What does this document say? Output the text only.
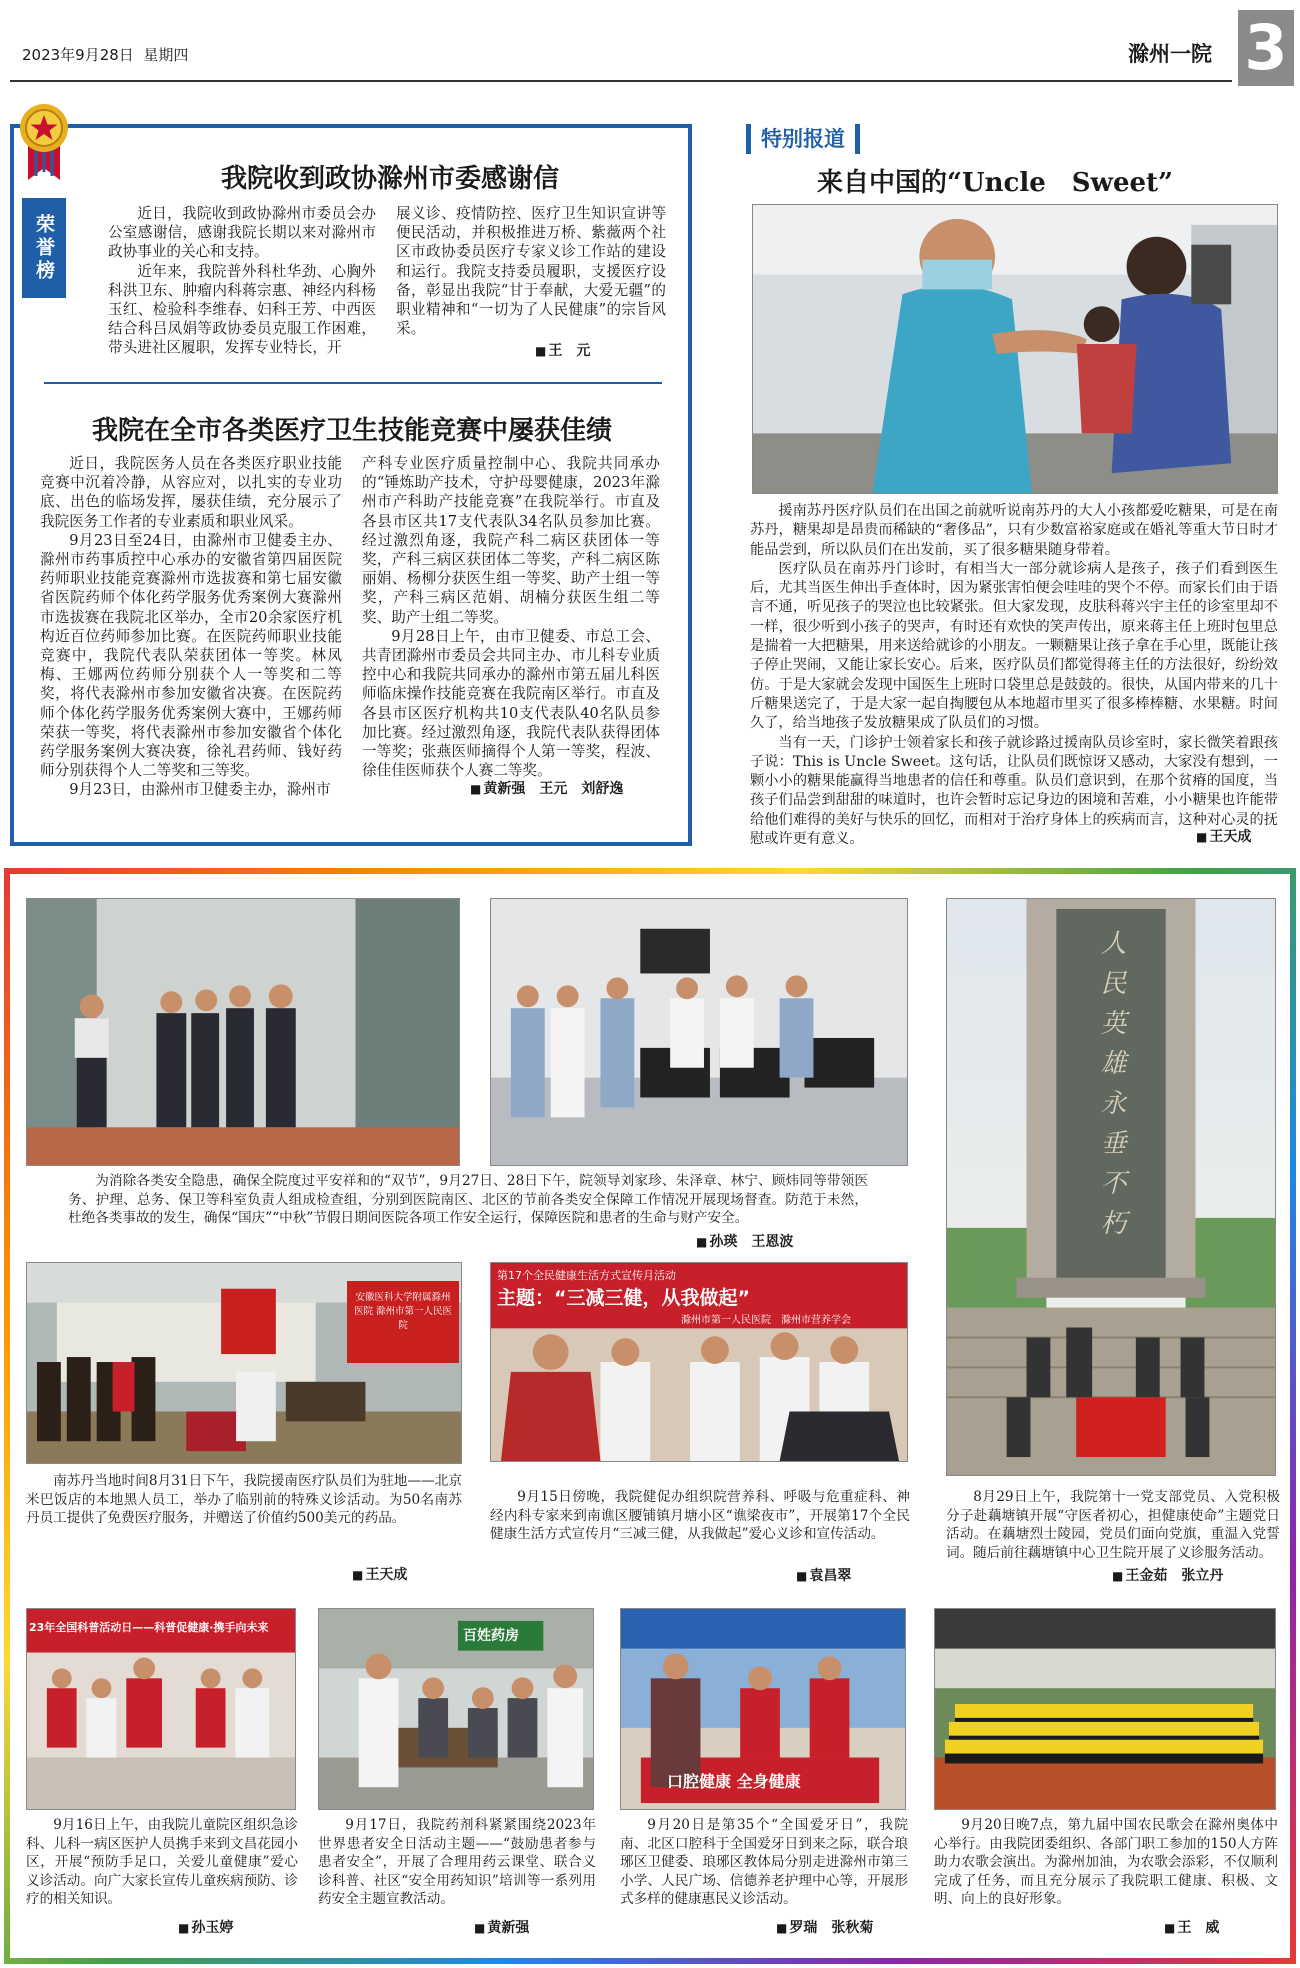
2023年9月28日 星期四	滁州一院 3
荣誉榜
我院收到政协滁州市委感谢信

近日，我院收到政协滁州市委员会办公室感谢信，感谢我院长期以来对滁州市政协事业的关心和支持。

近年来，我院普外科杜华劲、心胸外科洪卫东、肿瘤内科蒋宗惠、神经内科杨玉红、检验科李维春、妇科王芳、中西医结合科吕凤娟等政协委员克服工作困难，带头进社区履职，发挥专业特长，开

展义诊、疫情防控、医疗卫生知识宣讲等便民活动，并积极推进万桥、紫薇两个社区市政协委员医疗专家义诊工作站的建设和运行。我院支持委员履职，支援医疗设备，彰显出我院“甘于奉献，大爱无疆”的职业精神和“一切为了人民健康”的宗旨风采。

■ 王　元
我院在全市各类医疗卫生技能竞赛中屡获佳绩

近日，我院医务人员在各类医疗职业技能竞赛中沉着冷静，从容应对，以扎实的专业功底、出色的临场发挥，屡获佳绩，充分展示了我院医务工作者的专业素质和职业风采。

9月23日至24日，由滁州市卫健委主办、滁州市药事质控中心承办的安徽省第四届医院药师职业技能竞赛滁州市选拔赛和第七届安徽省医院药师个体化药学服务优秀案例大赛滁州市选拔赛在我院北区举办，全市20余家医疗机构近百位药师参加比赛。在医院药师职业技能竞赛中，我院代表队荣获团体一等奖。林凤梅、王娜两位药师分别获个人一等奖和二等奖，将代表滁州市参加安徽省决赛。在医院药师个体化药学服务优秀案例大赛中，王娜药师荣获一等奖，将代表滁州市参加安徽省个体化药学服务案例大赛决赛，徐礼君药师、钱好药师分别获得个人二等奖和三等奖。

9月23日，由滁州市卫健委主办，滁州市

产科专业医疗质量控制中心、我院共同承办的“锤炼助产技术，守护母婴健康，2023年滁州市产科助产技能竞赛”在我院举行。市直及各县市区共17支代表队34名队员参加比赛。经过激烈角逐，我院产科二病区获团体一等奖，产科三病区获团体二等奖，产科二病区陈丽娟、杨柳分获医生组一等奖、助产士组一等奖，产科三病区范娟、胡楠分获医生组二等奖、助产士组二等奖。

9月28日上午，由市卫健委、市总工会、共青团滁州市委员会共同主办、市儿科专业质控中心和我院共同承办的滁州市第五届儿科医师临床操作技能竞赛在我院南区举行。市直及各县市区医疗机构共10支代表队40名队员参加比赛。经过激烈角逐，我院代表队获得团体一等奖；张燕医师摘得个人第一等奖，程波、徐佳佳医师获个人赛二等奖。

■ 黄新强　王元　刘舒逸
特别报道
来自中国的“Uncle　Sweet”

援南苏丹医疗队员们在出国之前就听说南苏丹的大人小孩都爱吃糖果，可是在南苏丹，糖果却是昂贵而稀缺的“奢侈品”，只有少数富裕家庭或在婚礼等重大节日时才能品尝到，所以队员们在出发前，买了很多糖果随身带着。

医疗队员在南苏丹门诊时，有相当大一部分就诊病人是孩子，孩子们看到医生后，尤其当医生伸出手查体时，因为紧张害怕便会哇哇的哭个不停。而家长们由于语言不通，听见孩子的哭泣也比较紧张。但大家发现，皮肤科蒋兴宇主任的诊室里却不一样，很少听到小孩子的哭声，有时还有欢快的笑声传出，原来蒋主任上班时包里总是揣着一大把糖果，用来送给就诊的小朋友。一颗糖果让孩子拿在手心里，既能让孩子停止哭闹，又能让家长安心。后来，医疗队员们都觉得蒋主任的方法很好，纷纷效仿。于是大家就会发现中国医生上班时口袋里总是鼓鼓的。很快，从国内带来的几十斤糖果送完了，于是大家一起自掏腰包从本地超市里买了很多棒棒糖、水果糖。时间久了，给当地孩子发放糖果成了队员们的习惯。

当有一天，门诊护士领着家长和孩子就诊路过援南队员诊室时，家长微笑着跟孩子说：This is Uncle Sweet。这句话，让队员们既惊讶又感动，大家没有想到，一颗小小的糖果能赢得当地患者的信任和尊重。队员们意识到，在那个贫瘠的国度，当孩子们品尝到甜甜的味道时，也许会暂时忘记身边的困境和苦难，小小糖果也许能带给他们难得的美好与快乐的回忆，而相对于治疗身体上的疾病而言，这种对心灵的抚慰或许更有意义。

■	王天成
为消除各类安全隐患，确保全院度过平安祥和的“双节”，9月27日、28日下午，院领导刘家珍、朱泽章、林宁、顾炜同等带领医务、护理、总务、保卫等科室负责人组成检查组，分别到医院南区、北区的节前各类安全保障工作情况开展现场督查。防范于未然，杜绝各类事故的发生，确保“国庆”“中秋”节假日期间医院各项工作安全运行，保障医院和患者的生命与财产安全。
■ 孙瑛　王恩波	人民英雄永垂不朽
8月29日上午，我院第十一党支部党员、入党积极分子赴藕塘镇开展“守医者初心，担健康使命”主题党日活动。在藕塘烈士陵园，党员们面向党旗，重温入党誓词。随后前往藕塘镇中心卫生院开展了义诊服务活动。
■ 王金茹　张立丹
安徽医科大学附属滁州医院 滁州市第一人民医院
南苏丹当地时间8月31日下午，我院援南医疗队员们为驻地——北京米巴饭店的本地黑人员工，举办了临别前的特殊义诊活动。为50名南苏丹员工提供了免费医疗服务，并赠送了价值约500美元的药品。
■ 王天成
第17个全民健康生活方式宣传月活动
主题：“三减三健，从我做起”
滁州市第一人民医院　滁州市营养学会
9月15日傍晚，我院健促办组织院营养科、呼吸与危重症科、神经内科专家来到南谯区腰铺镇月塘小区“谯梁夜市”，开展第17个全民健康生活方式宣传月“三减三健，从我做起”爱心义诊和宣传活动。
■ 袁昌翠
23年全国科普活动日——科普促健康·携手向未来
百姓药房
口腔健康 全身健康
9月16日上午，由我院儿童院区组织急诊科、儿科一病区医护人员携手来到文昌花园小区，开展“预防手足口，关爱儿童健康”爱心义诊活动。向广大家长宣传儿童疾病预防、诊疗的相关知识。
■ 孙玉婷
9月17日，我院药剂科紧紧围绕2023年世界患者安全日活动主题——“鼓励患者参与患者安全”，开展了合理用药云课堂、联合义诊科普、社区“安全用药知识”培训等一系列用药安全主题宣教活动。
■ 黄新强
9月20日是第35个“全国爱牙日”，我院南、北区口腔科于全国爱牙日到来之际，联合琅琊区卫健委、琅琊区教体局分别走进滁州市第三小学、人民广场、信德养老护理中心等，开展形式多样的健康惠民义诊活动。
■ 罗瑞　张秋菊
9月20日晚7点，第九届中国农民歌会在滁州奥体中心举行。由我院团委组织、各部门职工参加的150人方阵助力农歌会演出。为滁州加油，为农歌会添彩，不仅顺利完成了任务，而且充分展示了我院职工健康、积极、文明、向上的良好形象。
■ 王　威
